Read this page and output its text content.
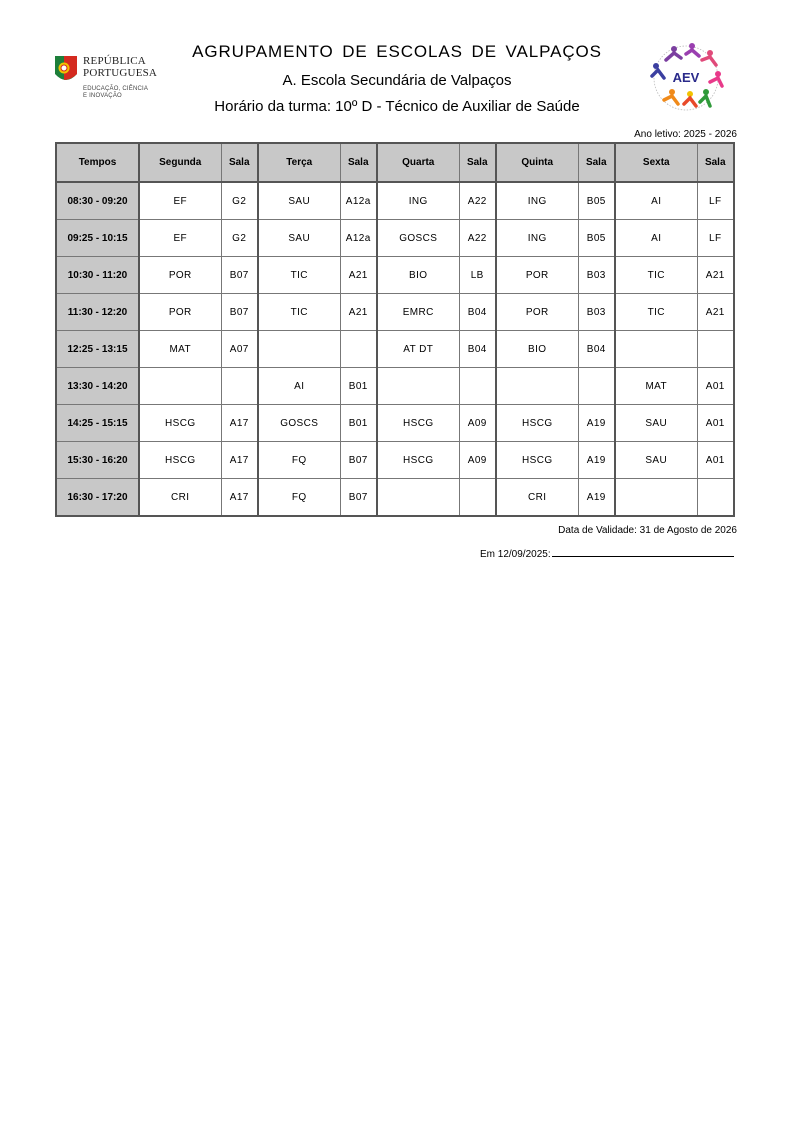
REPÚBLICA
PORTUGUESA
EDUCAÇÃO, CIÊNCIA
E INOVAÇÃO
AGRUPAMENTO DE ESCOLAS DE VALPAÇOS
A. Escola Secundária de Valpaços
Horário da turma: 10º D - Técnico de Auxiliar de Saúde
AEV
Ano letivo: 2025 - 2026
Tempos	Segunda	Sala	Terça	Sala	Quarta	Sala	Quinta	Sala	Sexta	Sala
08:30 - 09:20	EF	G2	SAU	A12a	ING	A22	ING	B05	AI	LF
09:25 - 10:15	EF	G2	SAU	A12a	GOSCS	A22	ING	B05	AI	LF
10:30 - 11:20	POR	B07	TIC	A21	BIO	LB	POR	B03	TIC	A21
11:30 - 12:20	POR	B07	TIC	A21	EMRC	B04	POR	B03	TIC	A21
12:25 - 13:15	MAT	A07			AT DT	B04	BIO	B04		
13:30 - 14:20			AI	B01					MAT	A01
14:25 - 15:15	HSCG	A17	GOSCS	B01	HSCG	A09	HSCG	A19	SAU	A01
15:30 - 16:20	HSCG	A17	FQ	B07	HSCG	A09	HSCG	A19	SAU	A01
16:30 - 17:20	CRI	A17	FQ	B07			CRI	A19		
Data de Validade: 31 de Agosto de 2026
Em 12/09/2025:
